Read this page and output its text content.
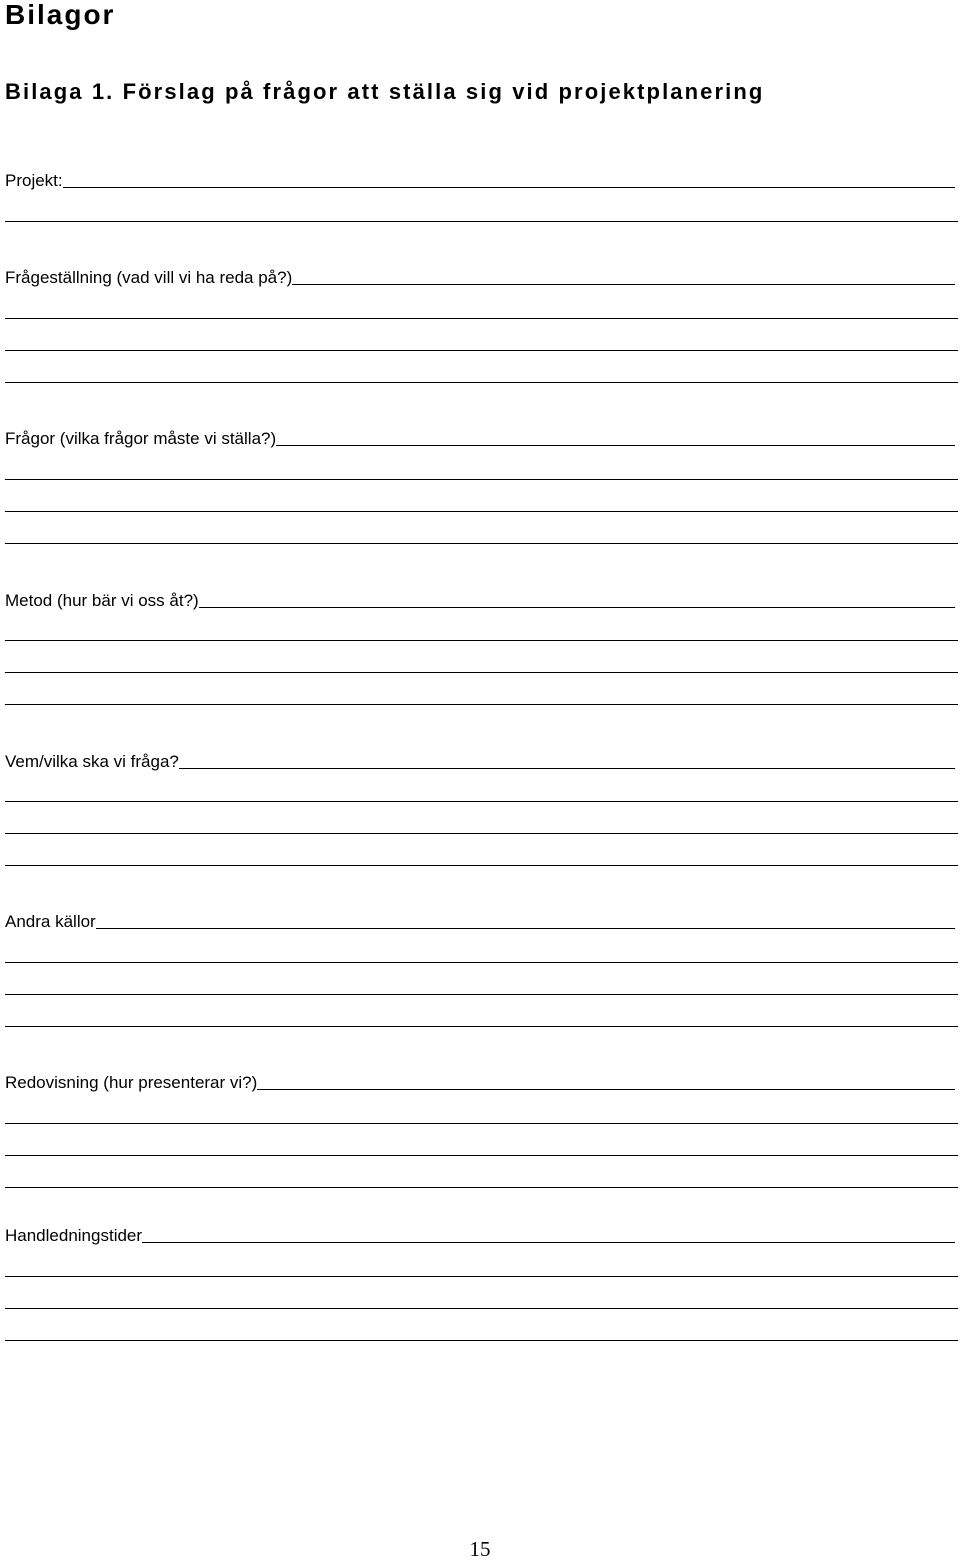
Bilagor
Bilaga 1. Förslag på frågor att ställa sig vid projektplanering
Projekt:
Frågeställning (vad vill vi ha reda på?)
Frågor (vilka frågor måste vi ställa?)
Metod (hur bär vi oss åt?)
Vem/vilka ska vi fråga?
Andra källor
Redovisning (hur presenterar vi?)
Handledningstider
15
